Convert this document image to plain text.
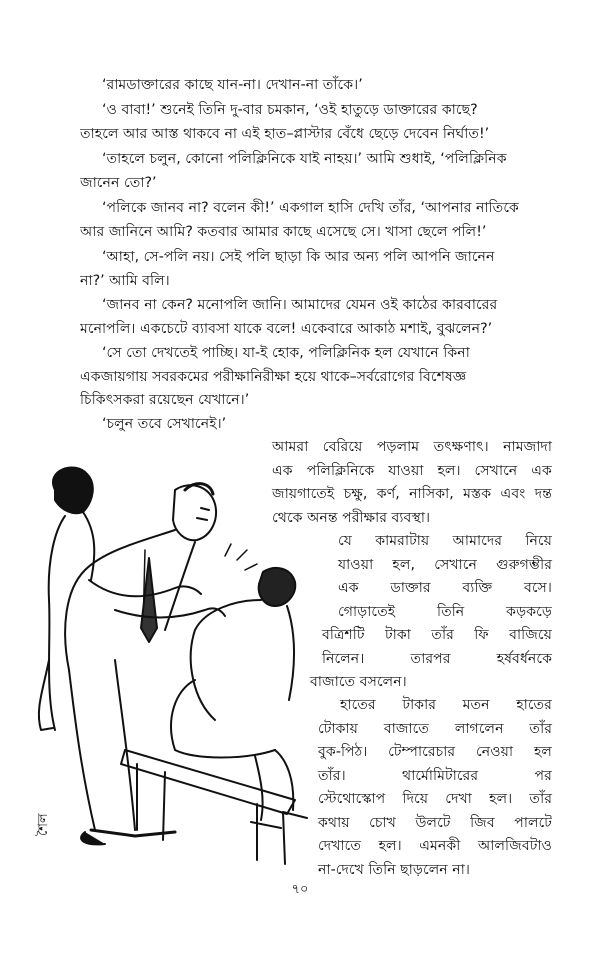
‘রামডাক্তারের কাছে যান-না। দেখান-না তাঁকে।’
‘ও বাবা!’ শুনেই তিনি দু-বার চমকান, ‘ওই হাতুড়ে ডাক্তারের কাছে?
তাহলে আর আস্ত থাকবে না এই হাত–প্লাস্টার বেঁধে ছেড়ে দেবেন নির্ঘাত!’
‘তাহলে চলুন, কোনো পলিক্লিনিকে যাই নাহয়।’ আমি শুধাই, ‘পলিক্লিনিক
জানেন তো?’
‘পলিকে জানব না? বলেন কী!’ একগাল হাসি দেখি তাঁর, ‘আপনার নাতিকে
আর জানিনে আমি? কতবার আমার কাছে এসেছে সে। খাসা ছেলে পলি!’
‘আহা, সে-পলি নয়। সেই পলি ছাড়া কি আর অন্য পলি আপনি জানেন
না?’ আমি বলি।
‘জানব না কেন? মনোপলি জানি। আমাদের যেমন ওই কাঠের কারবারের
মনোপলি। একচেটে ব্যাবসা যাকে বলে! একেবারে আকাঠ মশাই, বুঝলেন?’
‘সে তো দেখতেই পাচ্ছি। যা-ই হোক, পলিক্লিনিক হল যেখানে কিনা
একজায়গায় সবরকমের পরীক্ষানিরীক্ষা হয়ে থাকে–সর্বরোগের বিশেষজ্ঞ
চিকিৎসকরা রয়েছেন যেখানে।’
‘চলুন তবে সেখানেই।’
আমরা বেরিয়ে পড়লাম তৎক্ষণাৎ। নামজাদা
এক পলিক্লিনিকে যাওয়া হল। সেখানে এক
জায়গাতেই চক্ষু, কর্ণ, নাসিকা, মস্তক এবং দন্ত
থেকে অনন্ত পরীক্ষার ব্যবস্থা।
যে কামরাটায় আমাদের নিয়ে
যাওয়া হল, সেখানে গুরুগম্ভীর
এক ডাক্তার ব্যক্তি বসে।
গোড়াতেই তিনি কড়কড়ে
বত্রিশটি টাকা তাঁর ফি বাজিয়ে
নিলেন। তারপর হর্ষবর্ধনকে
বাজাতে বসলেন।
হাতের টাকার মতন হাতের
টোকায় বাজাতে লাগলেন তাঁর
বুক-পিঠ। টেম্পারেচার নেওয়া হল
তাঁর। থার্মোমিটারের পর
স্টেথোস্কোপ দিয়ে দেখা হল। তাঁর
কথায় চোখ উলটে জিব পালটে
দেখাতে হল। এমনকী আলজিবটাও
না-দেখে তিনি ছাড়লেন না।
শৈল
৭০
